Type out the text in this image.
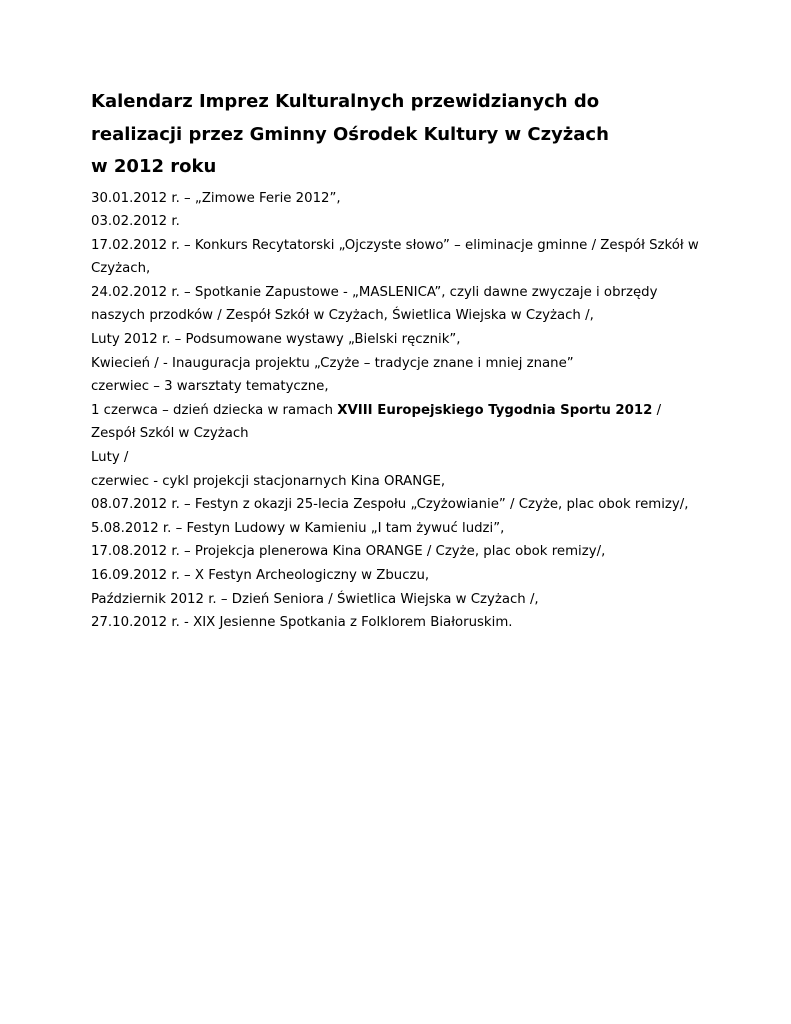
Kalendarz Imprez Kulturalnych przewidzianych do
realizacji przez Gminny Ośrodek Kultury w Czyżach
w 2012 roku
30.01.2012 r. – „Zimowe Ferie 2012”,
03.02.2012 r.
17.02.2012 r. – Konkurs Recytatorski „Ojczyste słowo” – eliminacje gminne / Zespół Szkół w
Czyżach,
24.02.2012 r. – Spotkanie Zapustowe - „MASLENICA”, czyli dawne zwyczaje i obrzędy
naszych przodków / Zespół Szkół w Czyżach, Świetlica Wiejska w Czyżach /,
Luty 2012 r. – Podsumowane wystawy „Bielski ręcznik”,
Kwiecień / - Inauguracja projektu „Czyże – tradycje znane i mniej znane”
czerwiec – 3 warsztaty tematyczne,
1 czerwca – dzień dziecka w ramach XVIII Europejskiego Tygodnia Sportu 2012 /
Zespół Szkól w Czyżach
Luty /
czerwiec - cykl projekcji stacjonarnych Kina ORANGE,
08.07.2012 r. – Festyn z okazji 25-lecia Zespołu „Czyżowianie” / Czyże, plac obok remizy/,
5.08.2012 r. – Festyn Ludowy w Kamieniu „I tam żywuć ludzi”,
17.08.2012 r. – Projekcja plenerowa Kina ORANGE / Czyże, plac obok remizy/,
16.09.2012 r. – X Festyn Archeologiczny w Zbuczu,
Październik 2012 r. – Dzień Seniora / Świetlica Wiejska w Czyżach /,
27.10.2012 r. - XIX Jesienne Spotkania z Folklorem Białoruskim.
